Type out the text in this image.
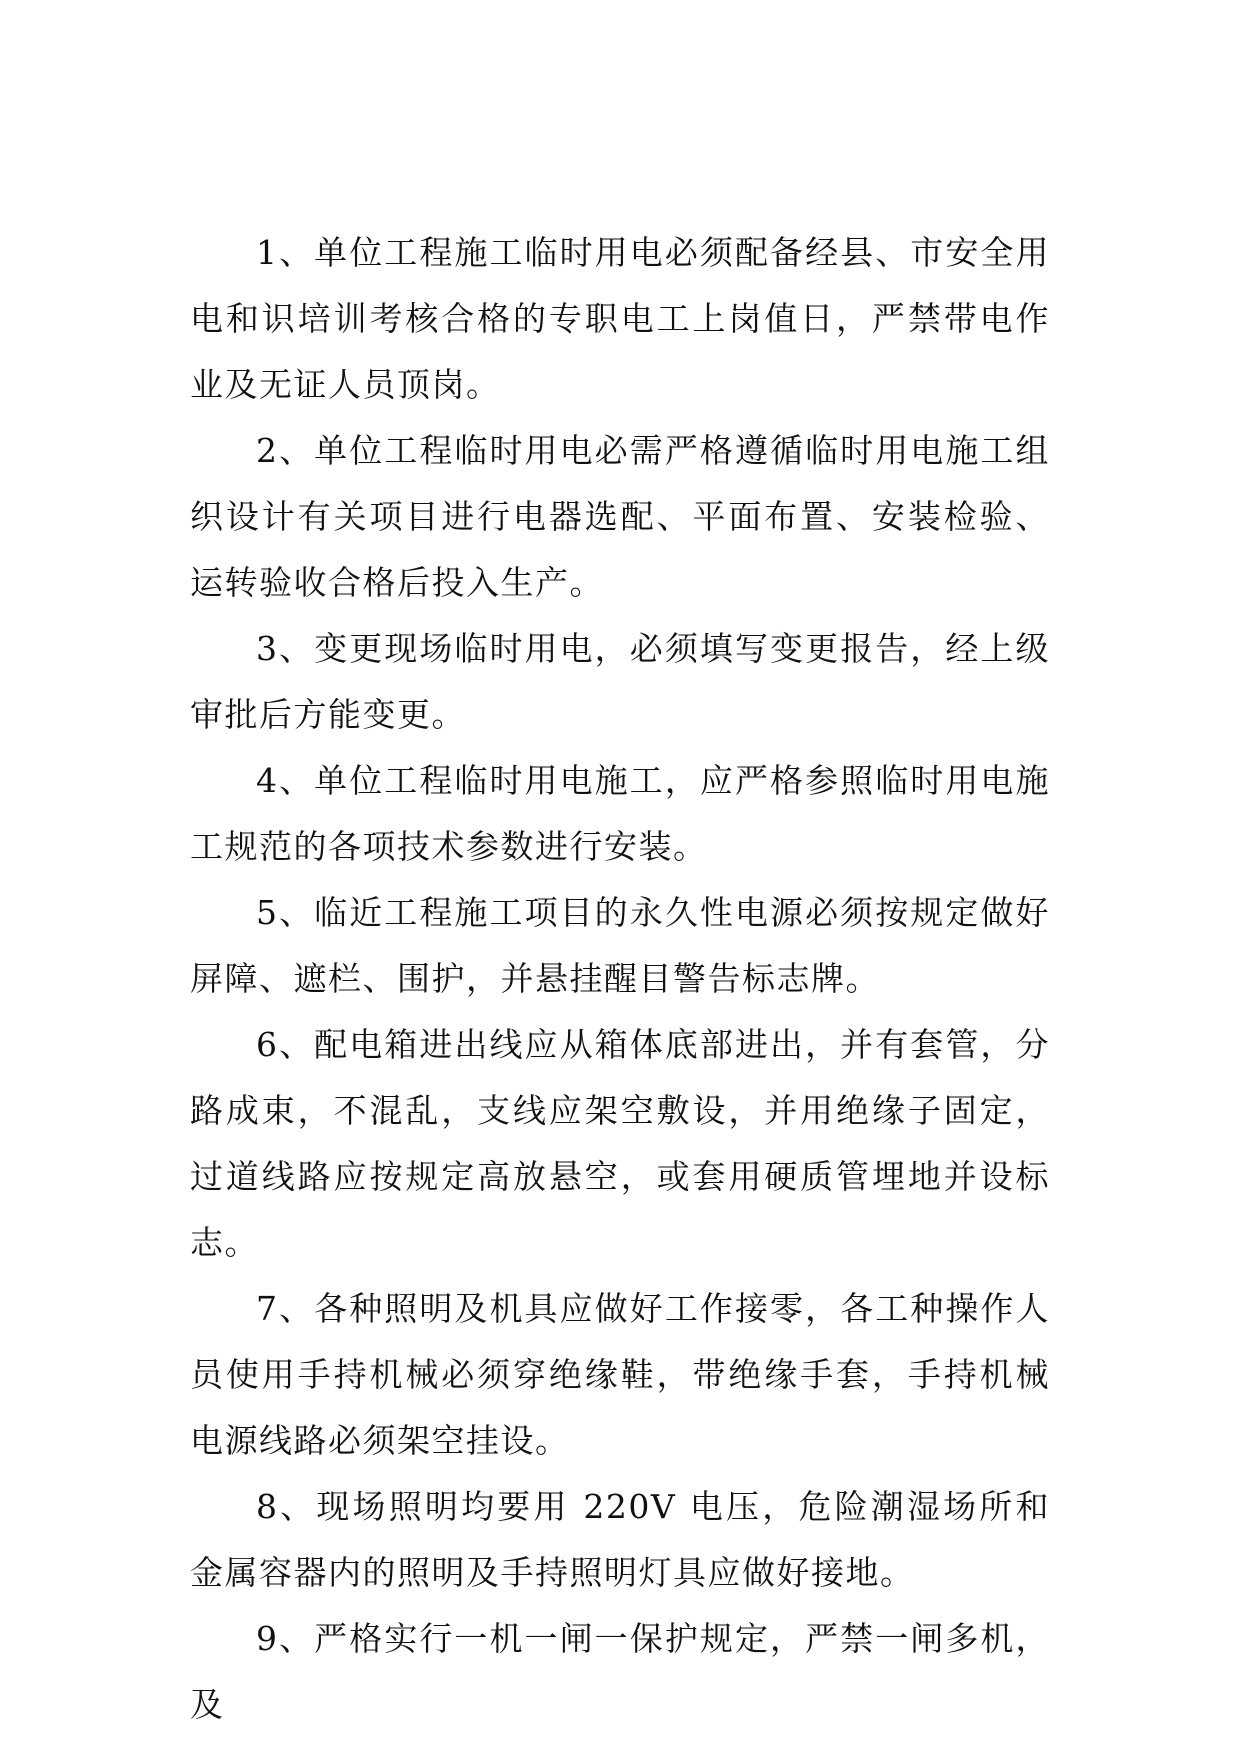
1、单位工程施工临时用电必须配备经县、市安全用电和识培训考核合格的专职电工上岗值日，严禁带电作业及无证人员顶岗。

2、单位工程临时用电必需严格遵循临时用电施工组织设计有关项目进行电器选配、平面布置、安装检验、运转验收合格后投入生产。

3、变更现场临时用电，必须填写变更报告，经上级审批后方能变更。

4、单位工程临时用电施工，应严格参照临时用电施工规范的各项技术参数进行安装。

5、临近工程施工项目的永久性电源必须按规定做好屏障、遮栏、围护，并悬挂醒目警告标志牌。

6、配电箱进出线应从箱体底部进出，并有套管，分路成束，不混乱，支线应架空敷设，并用绝缘子固定，过道线路应按规定高放悬空，或套用硬质管埋地并设标志。

7、各种照明及机具应做好工作接零，各工种操作人员使用手持机械必须穿绝缘鞋，带绝缘手套，手持机械电源线路必须架空挂设。

8、现场照明均要用 220V 电压，危险潮湿场所和金属容器内的照明及手持照明灯具应做好接地。

9、严格实行一机一闸一保护规定，严禁一闸多机，及
